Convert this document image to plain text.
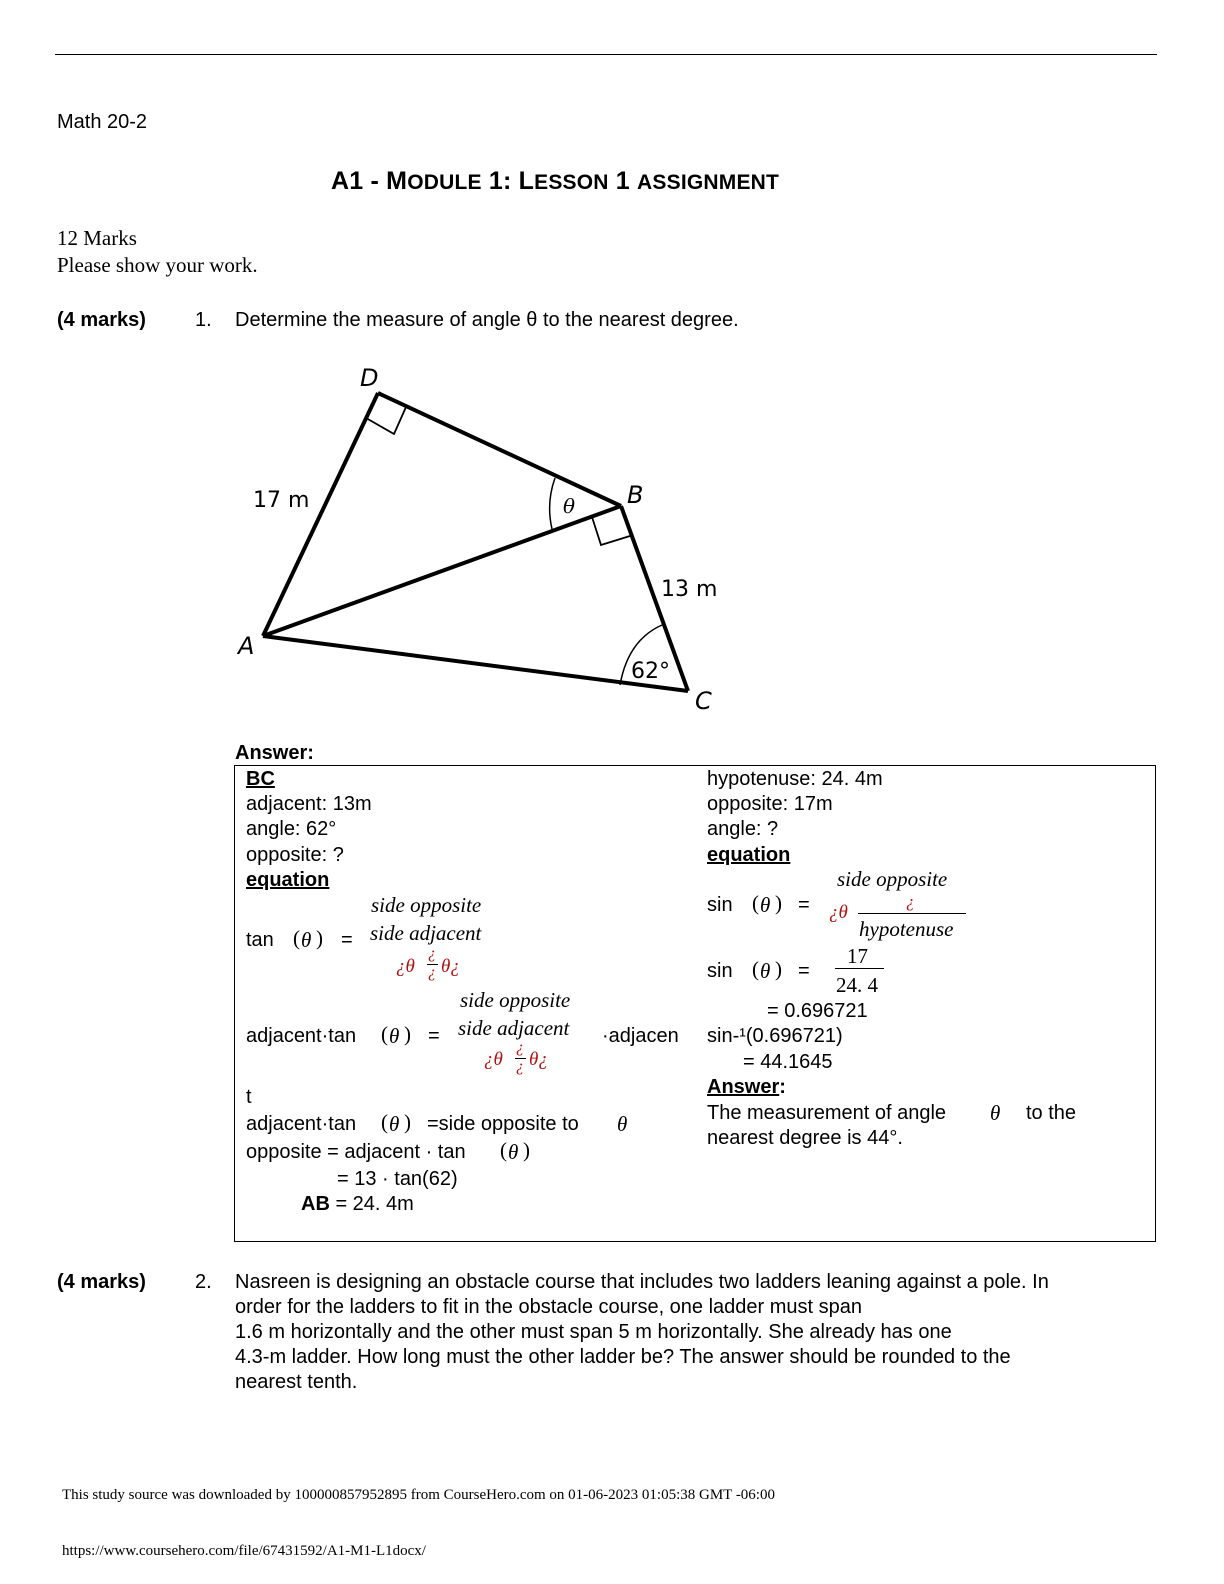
Math 20-2
A1 - MODULE 1: LESSON 1 ASSIGNMENT
12 Marks
Please show your work.
(4 marks) 1. Determine the measure of angle θ to the nearest degree.
D
B
A
C
17 m
13 m
62°
θ
Answer:
BC
adjacent: 13m
angle: 62°
opposite: ?
equation
side opposite
tan ( θ ) = side adjacent
¿θ
¿
¿ θ¿
side opposite
adjacent·tan ( θ ) = side adjacent ·adjacen
¿θ
¿
¿ θ¿
t
adjacent·tan ( θ ) =side opposite to θ
opposite = adjacent · tan ( θ )
= 13 · tan(62)
AB = 24. 4m
hypotenuse: 24. 4m
opposite: 17m
angle: ?
equation
side opposite
sin ( θ ) =	¿
¿θ
hypotenuse
sin ( θ ) =
17
24. 4
= 0.696721
sin-¹(0.696721)
= 44.1645
Answer:
The measurement of angle θ to the
nearest degree is 44°.
(4 marks) 2. Nasreen is designing an obstacle course that includes two ladders leaning against a pole. In
order for the ladders to fit in the obstacle course, one ladder must span
1.6 m horizontally and the other must span 5 m horizontally. She already has one
4.3-m ladder. How long must the other ladder be? The answer should be rounded to the
nearest tenth.
This study source was downloaded by 100000857952895 from CourseHero.com on 01-06-2023 01:05:38 GMT -06:00
https://www.coursehero.com/file/67431592/A1-M1-L1docx/
